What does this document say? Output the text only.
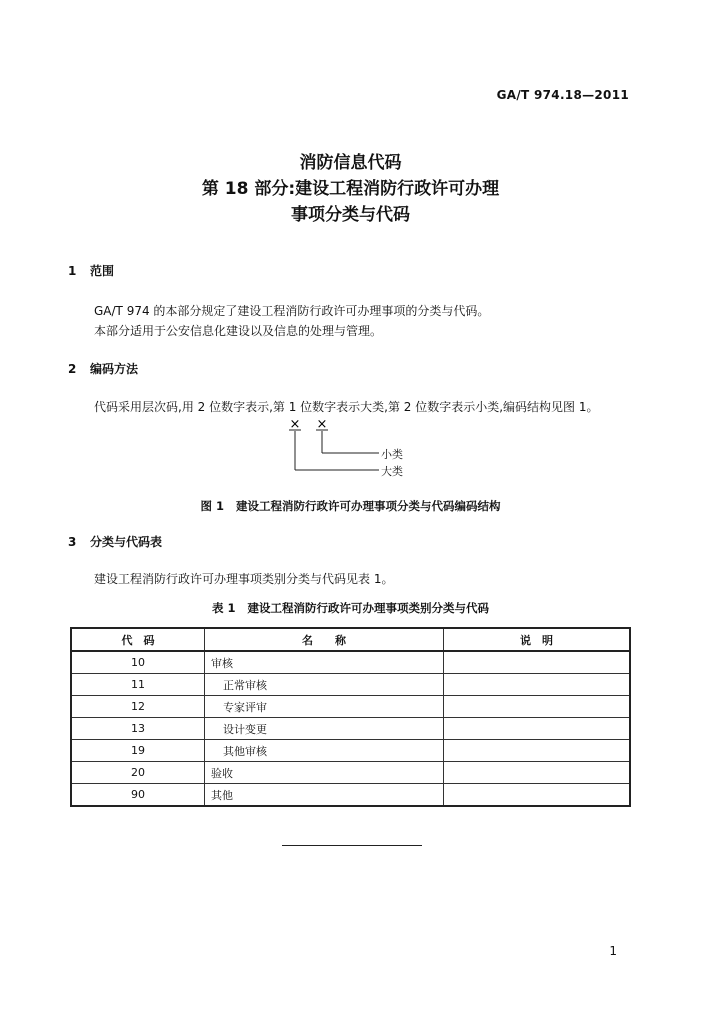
GA/T 974.18—2011
消防信息代码
第 18 部分:建设工程消防行政许可办理
事项分类与代码
1 范围
GA/T 974 的本部分规定了建设工程消防行政许可办理事项的分类与代码。
本部分适用于公安信息化建设以及信息的处理与管理。
2 编码方法
代码采用层次码,用 2 位数字表示,第 1 位数字表示大类,第 2 位数字表示小类,编码结构见图 1。
× ×
小类
大类
图 1 建设工程消防行政许可办理事项分类与代码编码结构
3 分类与代码表
建设工程消防行政许可办理事项类别分类与代码见表 1。
表 1 建设工程消防行政许可办理事项类别分类与代码
代　码	名　　称	说　明
10	审核	
11	正常审核	
12	专家评审	
13	设计变更	
19	其他审核	
20	验收	
90	其他	
1
